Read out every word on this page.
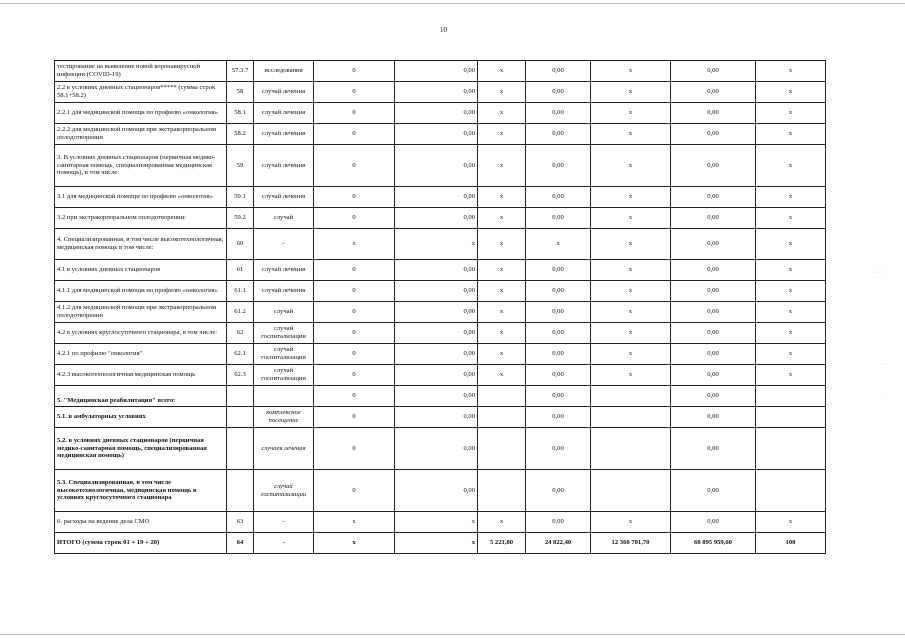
10
· · ·
· ·
·
тестирование на выявление новой коронавирусной инфекции (COVID-19)	57.3.7	исследования	0	0,00	x	0,00	x	0,00	x
2.2 в условиях дневных стационаров***** (сумма строк 58.1+58.2)	58	случай лечения	0	0,00	x	0,00	x	0,00	x
2.2.1 для медицинской помощи по профилю «онкология»	58.1	случай лечения	0	0,00	x	0,00	x	0,00	x
2.2.2 для медицинской помощи при экстракорпоральном оплодотворении	58.2	случай лечения	0	0,00	x	0,00	x	0,00	x
3. В условиях дневных стационаров (первичная медико-санитарная помощь, специализированная медицинская помощь), в том числе:	59	случай лечения	0	0,00	x	0,00	x	0,00	x
3.1 для медицинской помощи по профилю «онкология»	59.1	случай лечения	0	0,00	x	0,00	x	0,00	x
3.2 при экстракорпоральном оплодотворении:	59.2	случай	0	0,00	x	0,00	x	0,00	x
4. Специализированная, в том числе высокотехнологичная, медицинская помощь в том числе:	60	-	x	x	x	x	x	0,00	x
4.1 в условиях дневных стационаров	61	случай лечения	0	0,00	x	0,00	x	0,00	x
4.1.1 для медицинской помощи по профилю «онкология»	61.1	случай лечения	0	0,00	x	0,00	x	0,00	x
4.1.2 для медицинской помощи при экстракорпоральном оплодотворении	61.2	случай	0	0,00	x	0,00	x	0,00	x
4.2 в условиях круглосуточного стационара, в том числе:	62	случай госпитализации	0	0,00	x	0,00	x	0,00	x
4.2.1 по профилю "онкология"	62.1	случай госпитализации	0	0,00	x	0,00	x	0,00	x
4.2.3 высокотехнологичная медицинская помощь	62.3	случай госпитализации	0	0,00	x	0,00	x	0,00	x
5. "Медицинская реабилитация" всего:			0	0,00		0,00		0,00	
5.1. в амбулаторных условиях		комплексное посещение	0	0,00		0,00		0,00	
5.2. в условиях дневных стационаров (первичная медико-санитарная помощь, специализированная медицинская помощь)		случаев лечения	0	0,00		0,00		0,00	
5.3. Специализированная, в том числе высокотехнологичная, медицинская помощь в условиях круглосуточного стационара		случай госпитализации	0	0,00		0,00		0,00	
6. расходы на ведение дела СМО	63	-	x	x	x	0,00	x	0,00	x
ИТОГО (сумма строк 01 + 19 + 20)	64	-	x	x	5 221,80	24 822,40	12 360 701,70	60 895 959,60	100
